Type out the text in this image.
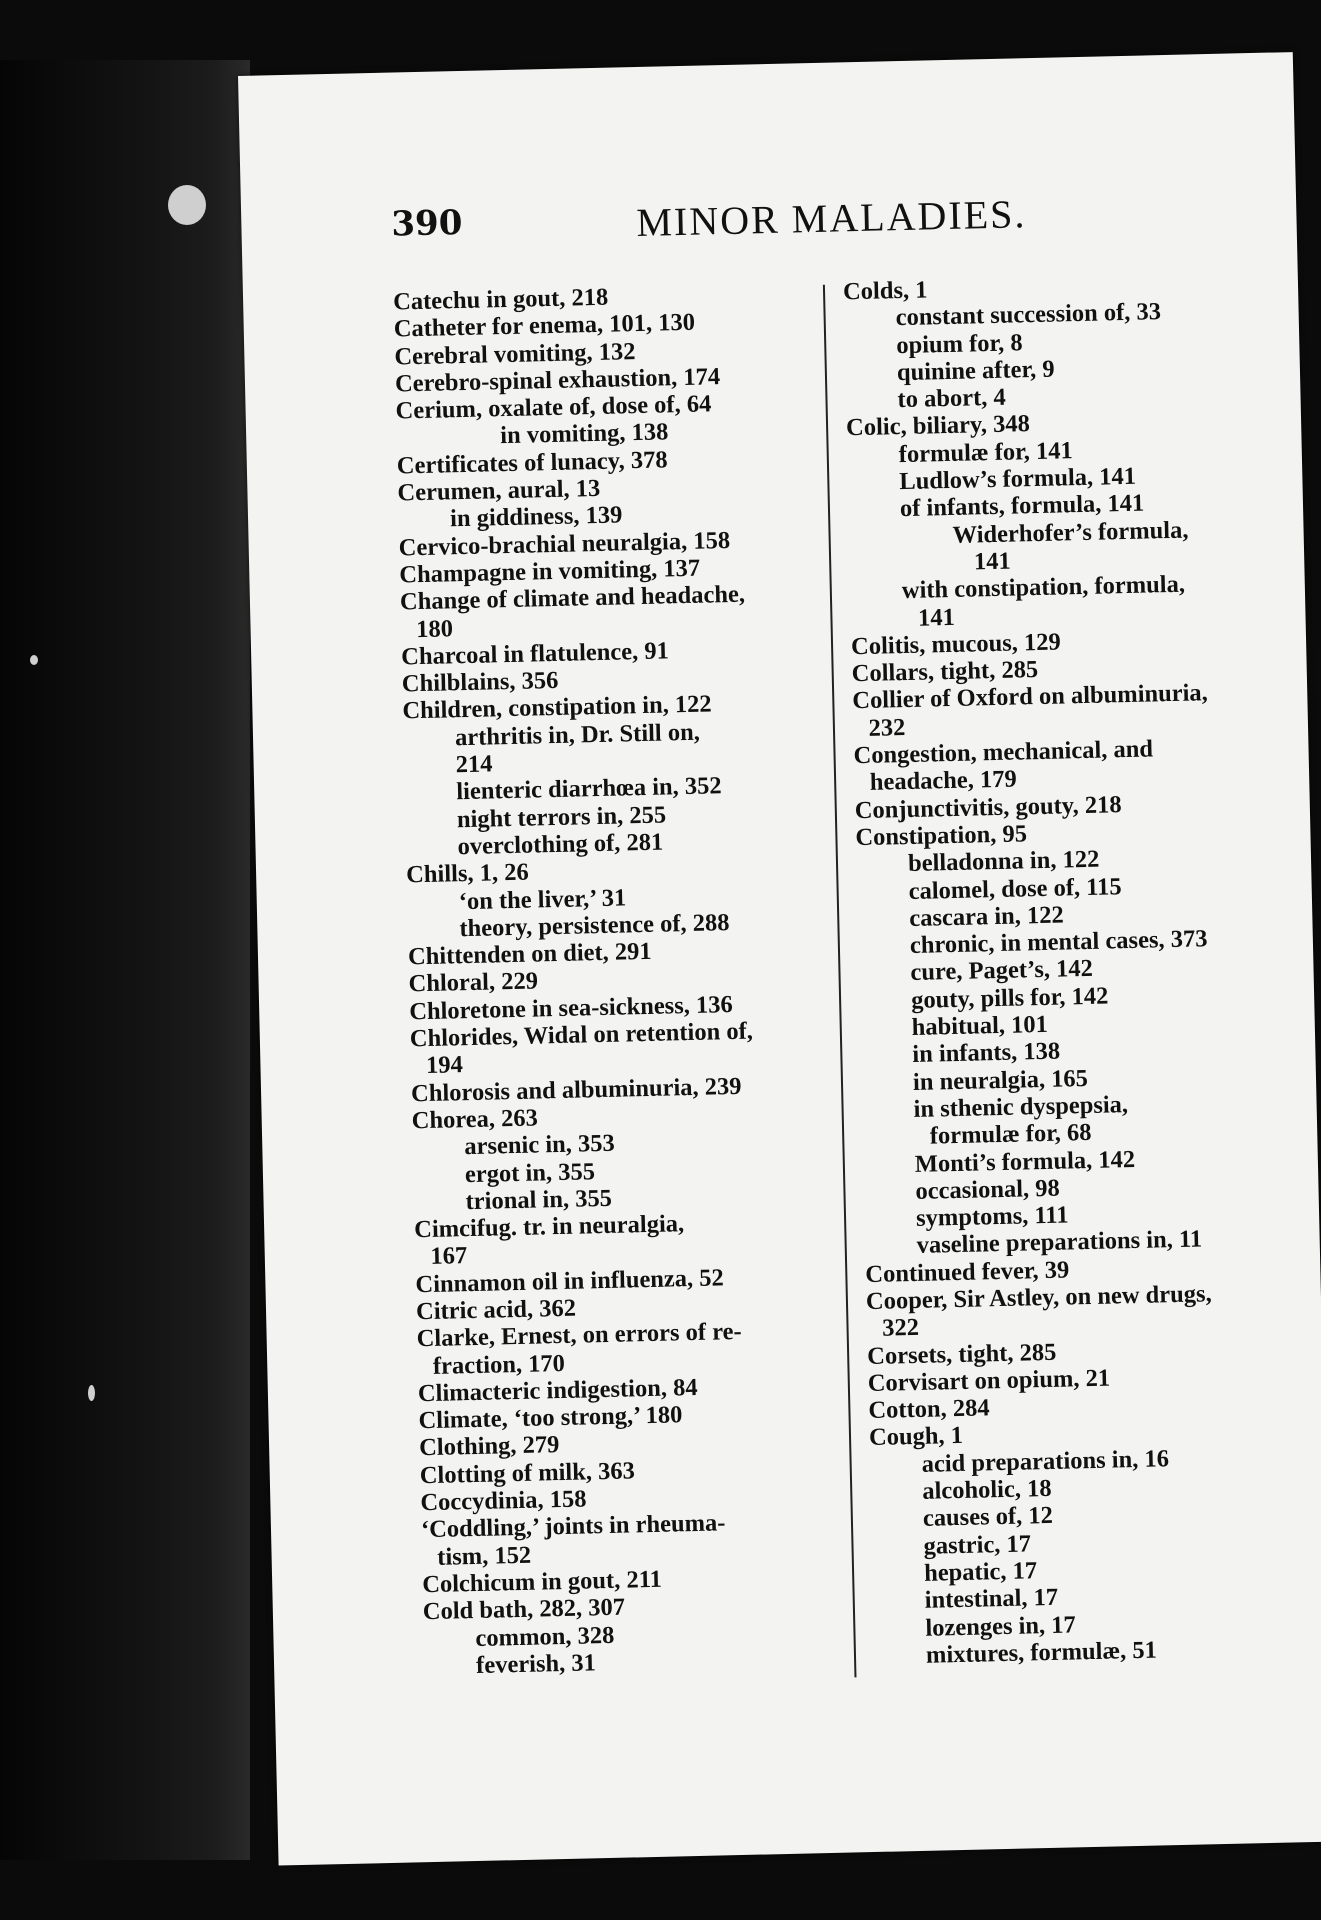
390	MINOR MALADIES.
Catechu in gout, 218
Catheter for enema, 101, 130
Cerebral vomiting, 132
Cerebro-spinal exhaustion, 174
Cerium, oxalate of, dose of, 64
in vomiting, 138
Certificates of lunacy, 378
Cerumen, aural, 13
in giddiness, 139
Cervico-brachial neuralgia, 158
Champagne in vomiting, 137
Change of climate and headache,
180
Charcoal in flatulence, 91
Chilblains, 356
Children, constipation in, 122
arthritis in, Dr. Still on,
214
lienteric diarrhœa in, 352
night terrors in, 255
overclothing of, 281
Chills, 1, 26
‘on the liver,’ 31
theory, persistence of, 288
Chittenden on diet, 291
Chloral, 229
Chloretone in sea-sickness, 136
Chlorides, Widal on retention of,
194
Chlorosis and albuminuria, 239
Chorea, 263
arsenic in, 353
ergot in, 355
trional in, 355
Cimcifug. tr. in neuralgia,
167
Cinnamon oil in influenza, 52
Citric acid, 362
Clarke, Ernest, on errors of re-
fraction, 170
Climacteric indigestion, 84
Climate, ‘too strong,’ 180
Clothing, 279
Clotting of milk, 363
Coccydinia, 158
‘Coddling,’ joints in rheuma-
tism, 152
Colchicum in gout, 211
Cold bath, 282, 307
common, 328
feverish, 31
Colds, 1
constant succession of, 33
opium for, 8
quinine after, 9
to abort, 4
Colic, biliary, 348
formulæ for, 141
Ludlow’s formula, 141
of infants, formula, 141
Widerhofer’s formula,
141
with constipation, formula,
141
Colitis, mucous, 129
Collars, tight, 285
Collier of Oxford on albuminuria,
232
Congestion, mechanical, and
headache, 179
Conjunctivitis, gouty, 218
Constipation, 95
belladonna in, 122
calomel, dose of, 115
cascara in, 122
chronic, in mental cases, 373
cure, Paget’s, 142
gouty, pills for, 142
habitual, 101
in infants, 138
in neuralgia, 165
in sthenic dyspepsia,
formulæ for, 68
Monti’s formula, 142
occasional, 98
symptoms, 111
vaseline preparations in, 11
Continued fever, 39
Cooper, Sir Astley, on new drugs,
322
Corsets, tight, 285
Corvisart on opium, 21
Cotton, 284
Cough, 1
acid preparations in, 16
alcoholic, 18
causes of, 12
gastric, 17
hepatic, 17
intestinal, 17
lozenges in, 17
mixtures, formulæ, 51
